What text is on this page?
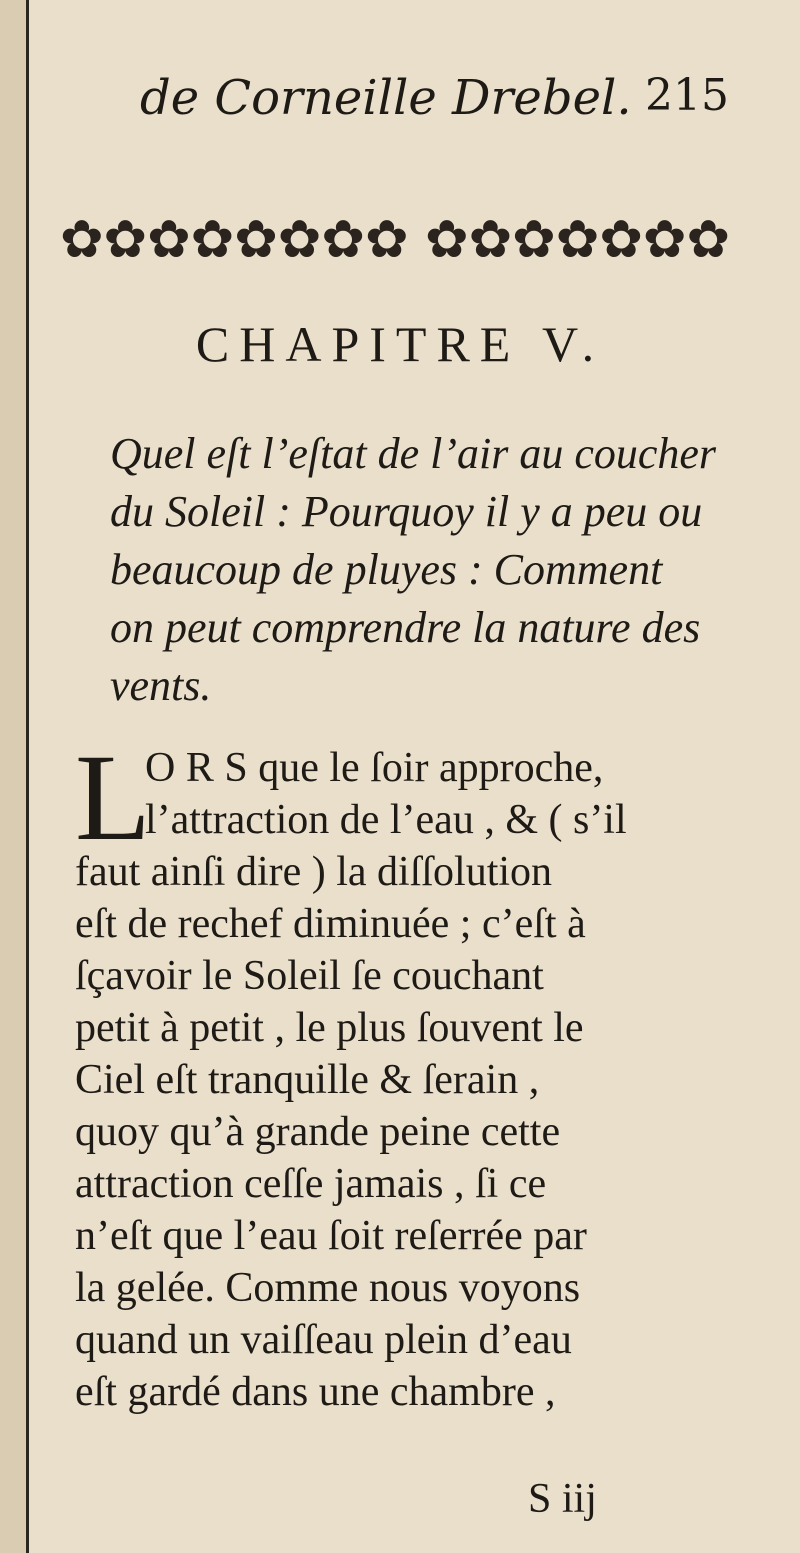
de Corneille Drebel. 215
✿✿✿✿✿✿✿✿ ✿✿✿✿✿✿✿
CHAPITRE V.
Quel eſt l’eſtat de l’air au coucher
du Soleil : Pourquoy il y a peu ou
beaucoup de pluyes : Comment
on peut comprendre la nature des
vents.
L
O R S que le ſoir approche,
l’attraction de l’eau , & ( s’il
faut ainſi dire ) la diſſolution
eſt de rechef diminuée ; c’eſt à
ſçavoir le Soleil ſe couchant
petit à petit , le plus ſouvent le
Ciel eſt tranquille & ſerain ,
quoy qu’à grande peine cette
attraction ceſſe jamais , ſi ce
n’eſt que l’eau ſoit reſerrée par
la gelée. Comme nous voyons
quand un vaiſſeau plein d’eau
eſt gardé dans une chambre ,
S iij
